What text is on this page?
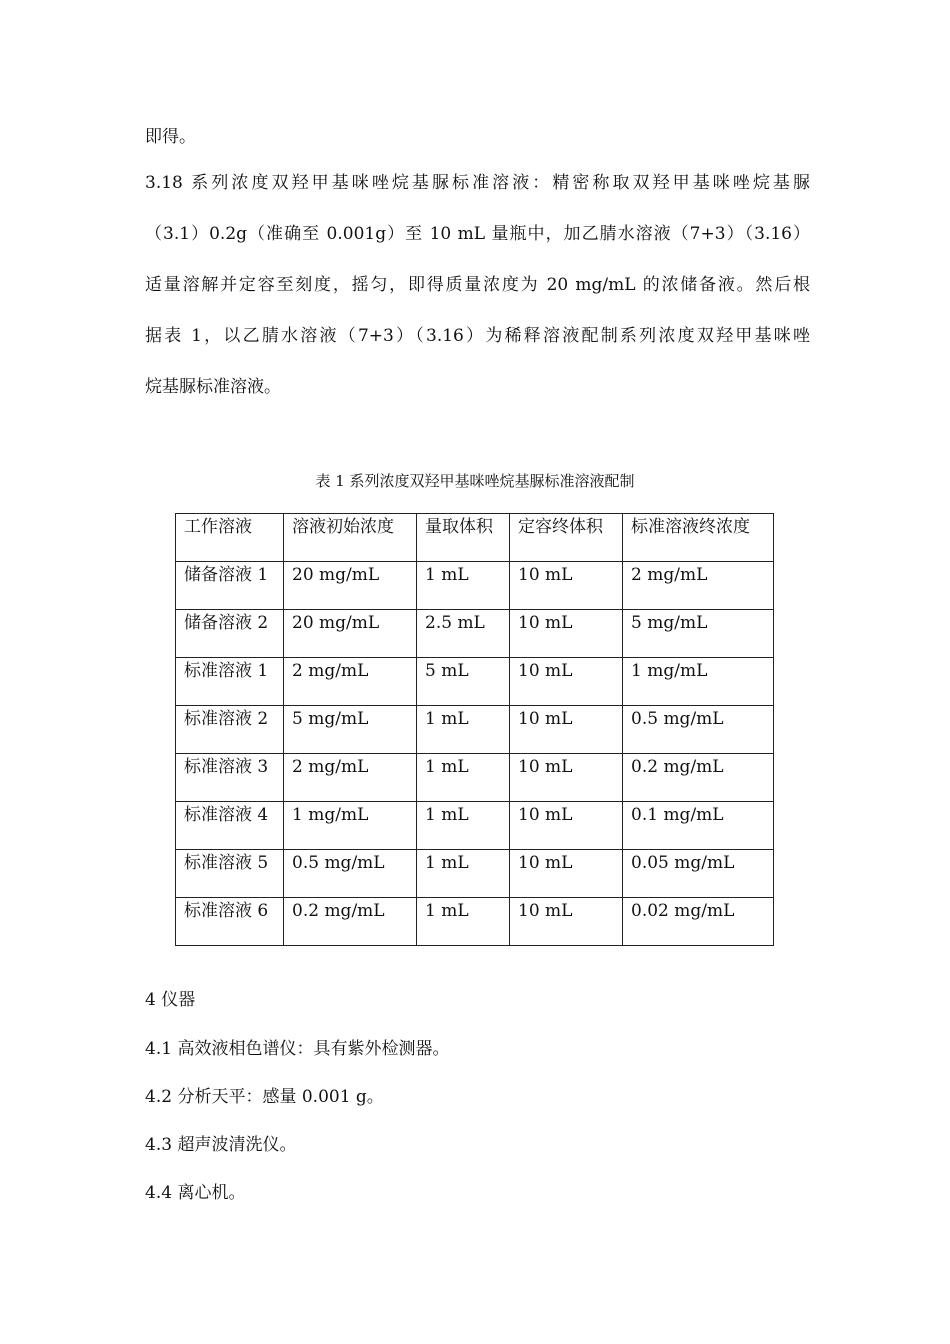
即得。

3.18 系列浓度双羟甲基咪唑烷基脲标准溶液：精密称取双羟甲基咪唑烷基脲
（3.1）0.2g（准确至 0.001g）至 10 mL 量瓶中，加乙腈水溶液（7+3）（3.16）
适量溶解并定容至刻度，摇匀，即得质量浓度为 20 mg/mL 的浓储备液。然后根
据表 1，以乙腈水溶液（7+3）（3.16）为稀释溶液配制系列浓度双羟甲基咪唑
烷基脲标准溶液。

表 1 系列浓度双羟甲基咪唑烷基脲标准溶液配制
工作溶液	溶液初始浓度	量取体积	定容终体积	标准溶液终浓度
储备溶液 1	20 mg/mL	1 mL	10 mL	2 mg/mL
储备溶液 2	20 mg/mL	2.5 mL	10 mL	5 mg/mL
标准溶液 1	2 mg/mL	5 mL	10 mL	1 mg/mL
标准溶液 2	5 mg/mL	1 mL	10 mL	0.5 mg/mL
标准溶液 3	2 mg/mL	1 mL	10 mL	0.2 mg/mL
标准溶液 4	1 mg/mL	1 mL	10 mL	0.1 mg/mL
标准溶液 5	0.5 mg/mL	1 mL	10 mL	0.05 mg/mL
标准溶液 6	0.2 mg/mL	1 mL	10 mL	0.02 mg/mL
4 仪器
4.1 高效液相色谱仪：具有紫外检测器。
4.2 分析天平：感量 0.001 g。
4.3 超声波清洗仪。
4.4 离心机。
